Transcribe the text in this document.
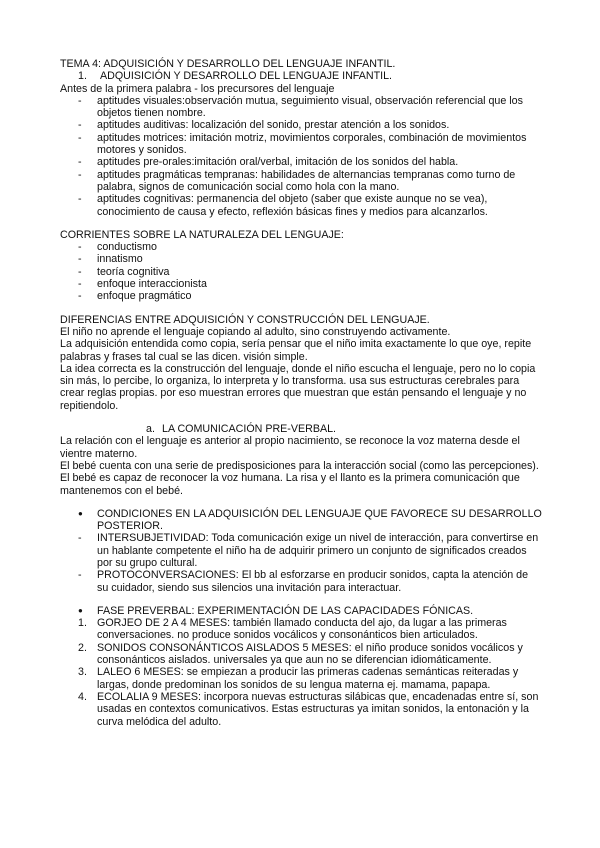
TEMA 4: ADQUISICIÓN Y DESARROLLO DEL LENGUAJE INFANTIL.

1.	ADQUISICIÓN Y DESARROLLO DEL LENGUAJE INFANTIL.

Antes de la primera palabra - los precursores del lenguaje

- aptitudes visuales:observación mutua, seguimiento visual, observación referencial que los objetos tienen nombre.
- aptitudes auditivas: localización del sonido, prestar atención a los sonidos.
- aptitudes motrices: imitación motriz, movimientos corporales, combinación de movimientos motores y sonidos.
- aptitudes pre-orales:imitación oral/verbal, imitación de los sonidos del habla.
- aptitudes pragmáticas tempranas: habilidades de alternancias tempranas como turno de palabra, signos de comunicación social como hola con la mano.
- aptitudes cognitivas: permanencia del objeto (saber que existe aunque no se vea), conocimiento de causa y efecto, reflexión básicas fines y medios para alcanzarlos.

CORRIENTES SOBRE LA NATURALEZA DEL LENGUAJE:

- conductismo
- innatismo
- teoría cognitiva
- enfoque interaccionista
- enfoque pragmático

DIFERENCIAS ENTRE ADQUISICIÓN Y CONSTRUCCIÓN DEL LENGUAJE.

El niño no aprende el lenguaje copiando al adulto, sino construyendo activamente.

La adquisición entendida como copia, sería pensar que el niño imita exactamente lo que oye, repite palabras y frases tal cual se las dicen. visión simple.

La idea correcta es la construcción del lenguaje, donde el niño escucha el lenguaje, pero no lo copia sin más, lo percibe, lo organiza, lo interpreta y lo transforma. usa sus estructuras cerebrales para crear reglas propias. por eso muestran errores que muestran que están pensando el lenguaje y no repitiendolo.

a. LA COMUNICACIÓN PRE-VERBAL.

La relación con el lenguaje es anterior al propio nacimiento, se reconoce la voz materna desde el vientre materno.

El bebé cuenta con una serie de predisposiciones para la interacción social (como las percepciones).

El bebé es capaz de reconocer la voz humana. La risa y el llanto es la primera comunicación que mantenemos con el bebé.

● CONDICIONES EN LA ADQUISICIÓN DEL LENGUAJE QUE FAVORECE SU DESARROLLO POSTERIOR.
- INTERSUBJETIVIDAD: Toda comunicación exige un nivel de interacción, para convertirse en un hablante competente el niño ha de adquirir primero un conjunto de significados creados por su grupo cultural.
- PROTOCONVERSACIONES: El bb al esforzarse en producir sonidos, capta la atención de su cuidador, siendo sus silencios una invitación para interactuar.
● FASE PREVERBAL: EXPERIMENTACIÓN DE LAS CAPACIDADES FÓNICAS.
1. GORJEO DE 2 A 4 MESES: también llamado conducta del ajo, da lugar a las primeras conversaciones. no produce sonidos vocálicos y consonánticos bien articulados.
2. SONIDOS CONSONÁNTICOS AISLADOS 5 MESES: el niño produce sonidos vocálicos y consonánticos aislados. universales ya que aun no se diferencian idiomáticamente.
3. LALEO 6 MESES: se empiezan a producir las primeras cadenas semánticas reiteradas y largas, donde predominan los sonidos de su lengua materna ej. mamama, papapa.
4. ECOLALIA 9 MESES: incorpora nuevas estructuras silábicas que, encadenadas entre sí, son usadas en contextos comunicativos. Estas estructuras ya imitan sonidos, la entonación y la curva melódica del adulto.
